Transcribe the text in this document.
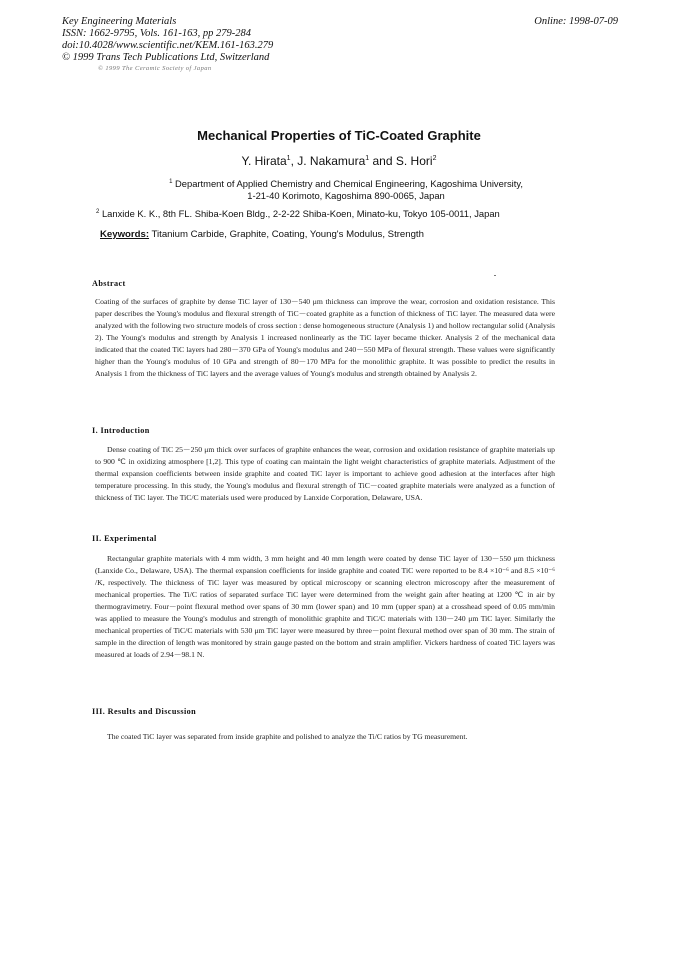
Key Engineering Materials
ISSN: 1662-9795, Vols. 161-163, pp 279-284
doi:10.4028/www.scientific.net/KEM.161-163.279
© 1999 Trans Tech Publications Ltd, Switzerland
Online: 1998-07-09
© 1999 The Ceramic Society of Japan
Mechanical Properties of TiC-Coated Graphite
Y. Hirata$^1$, J. Nakamura$^1$ and S. Hori$^2$
$^1$ Department of Applied Chemistry and Chemical Engineering, Kagoshima University,
1-21-40 Korimoto, Kagoshima 890-0065, Japan
$^2$ Lanxide K. K., 8th FL. Shiba-Koen Bldg., 2-2-22 Shiba-Koen, Minato-ku, Tokyo 105-0011, Japan
Keywords: Titanium Carbide, Graphite, Coating, Young's Modulus, Strength
Abstract
Coating of the surfaces of graphite by dense TiC layer of 130－540 μm thickness can improve the wear, corrosion and oxidation resistance. This paper describes the Young's modulus and flexural strength of TiC－coated graphite as a function of thickness of TiC layer. The measured data were analyzed with the following two structure models of cross section : dense homogeneous structure (Analysis 1) and hollow rectangular solid (Analysis 2). The Young's modulus and strength by Analysis 1 increased nonlinearly as the TiC layer became thicker. Analysis 2 of the mechanical data indicated that the coated TiC layers had 280－370 GPa of Young's modulus and 240－550 MPa of flexural strength. These values were significantly higher than the Young's modulus of 10 GPa and strength of 80－170 MPa for the monolithic graphite. It was possible to predict the results in Analysis 1 from the thickness of TiC layers and the average values of Young's modulus and strength obtained by Analysis 2.
I. Introduction
Dense coating of TiC 25－250 μm thick over surfaces of graphite enhances the wear, corrosion and oxidation resistance of graphite materials up to 900 ℃ in oxidizing atmosphere [1,2]. This type of coating can maintain the light weight characteristics of graphite materials. Adjustment of the thermal expansion coefficients between inside graphite and coated TiC layer is important to achieve good adhesion at the interfaces after high temperature processing. In this study, the Young's modulus and flexural strength of TiC－coated graphite materials were analyzed as a function of thickness of TiC layer. The TiC/C materials used were produced by Lanxide Corporation, Delaware, USA.
II. Experimental
Rectangular graphite materials with 4 mm width, 3 mm height and 40 mm length were coated by dense TiC layer of 130－550 μm thickness (Lanxide Co., Delaware, USA). The thermal expansion coefficients for inside graphite and coated TiC were reported to be 8.4 ×10⁻⁶ and 8.5 ×10⁻⁶ /K, respectively. The thickness of TiC layer was measured by optical microscopy or scanning electron microscopy after the measurement of mechanical properties. The Ti/C ratios of separated surface TiC layer were determined from the weight gain after heating at 1200 ℃ in air by thermogravimetry. Four－point flexural method over spans of 30 mm (lower span) and 10 mm (upper span) at a crosshead speed of 0.05 mm/min was applied to measure the Young's modulus and strength of monolithic graphite and TiC/C materials with 130－240 μm TiC layer. Similarly the mechanical properties of TiC/C materials with 530 μm TiC layer were measured by three－point flexural method over span of 30 mm. The strain of sample in the direction of length was monitored by strain gauge pasted on the bottom and strain amplifier. Vickers hardness of coated TiC layers was measured at loads of 2.94－98.1 N.
III. Results and Discussion
The coated TiC layer was separated from inside graphite and polished to analyze the Ti/C ratios by TG measurement.
